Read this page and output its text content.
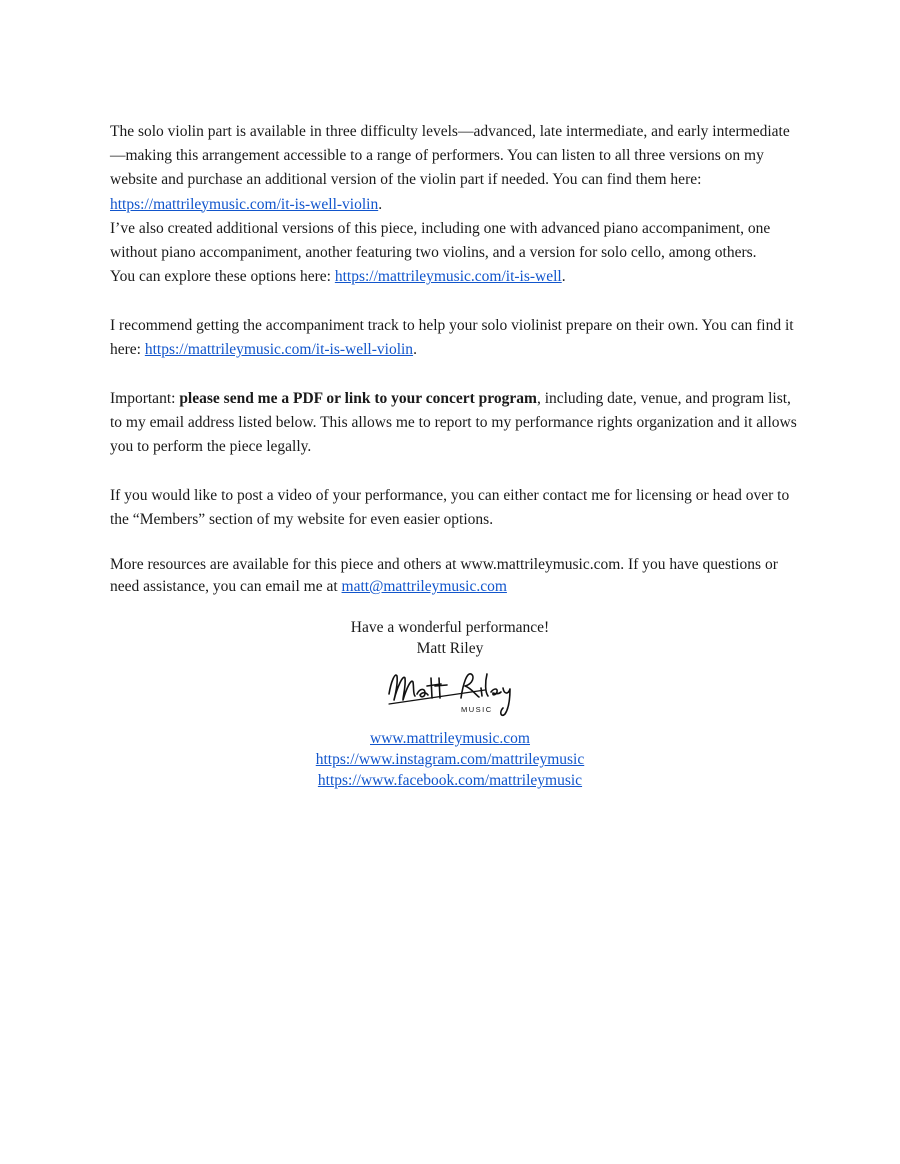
The solo violin part is available in three difficulty levels—advanced, late intermediate, and early intermediate—making this arrangement accessible to a range of performers. You can listen to all three versions on my website and purchase an additional version of the violin part if needed. You can find them here: https://mattrileymusic.com/it-is-well-violin.

I’ve also created additional versions of this piece, including one with advanced piano accompaniment, one without piano accompaniment, another featuring two violins, and a version for solo cello, among others.

You can explore these options here: https://mattrileymusic.com/it-is-well.

I recommend getting the accompaniment track to help your solo violinist prepare on their own. You can find it here: https://mattrileymusic.com/it-is-well-violin.

Important: please send me a PDF or link to your concert program, including date, venue, and program list, to my email address listed below. This allows me to report to my performance rights organization and it allows you to perform the piece legally.

If you would like to post a video of your performance, you can either contact me for licensing or head over to the “Members” section of my website for even easier options.

More resources are available for this piece and others at www.mattrileymusic.com. If you have questions or need assistance, you can email me at matt@mattrileymusic.com

Have a wonderful performance!

Matt Riley

MUSIC

www.mattrileymusic.com

https://www.instagram.com/mattrileymusic

https://www.facebook.com/mattrileymusic
